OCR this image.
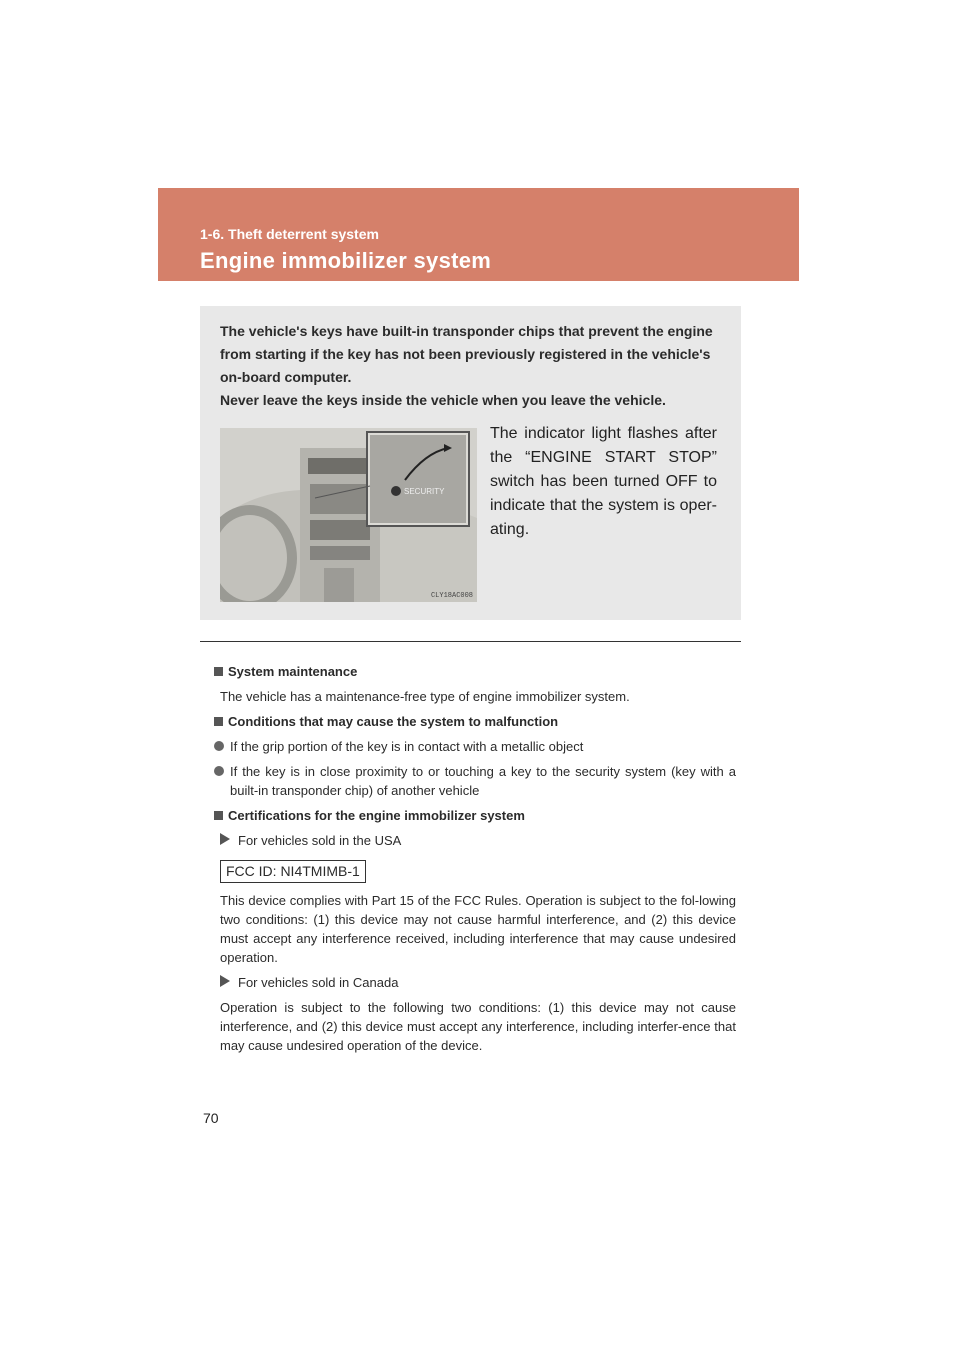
1-6. Theft deterrent system
Engine immobilizer system

The vehicle's keys have built-in transponder chips that prevent the engine from starting if the key has not been previously registered in the vehicle's on-board computer.

Never leave the keys inside the vehicle when you leave the vehicle.

SECURITY
CLY18AC008
The indicator light flashes after the “ENGINE START STOP” switch has been turned OFF to indicate that the system is oper-ating.
System maintenance
The vehicle has a maintenance-free type of engine immobilizer system.
Conditions that may cause the system to malfunction
If the grip portion of the key is in contact with a metallic object
If the key is in close proximity to or touching a key to the security system (key with a built-in transponder chip) of another vehicle
Certifications for the engine immobilizer system
For vehicles sold in the USA
FCC ID: NI4TMIMB-1
This device complies with Part 15 of the FCC Rules. Operation is subject to the fol-lowing two conditions: (1) this device may not cause harmful interference, and (2) this device must accept any interference received, including interference that may cause undesired operation.
For vehicles sold in Canada
Operation is subject to the following two conditions: (1) this device may not cause interference, and (2) this device must accept any interference, including interfer-ence that may cause undesired operation of the device.
70
